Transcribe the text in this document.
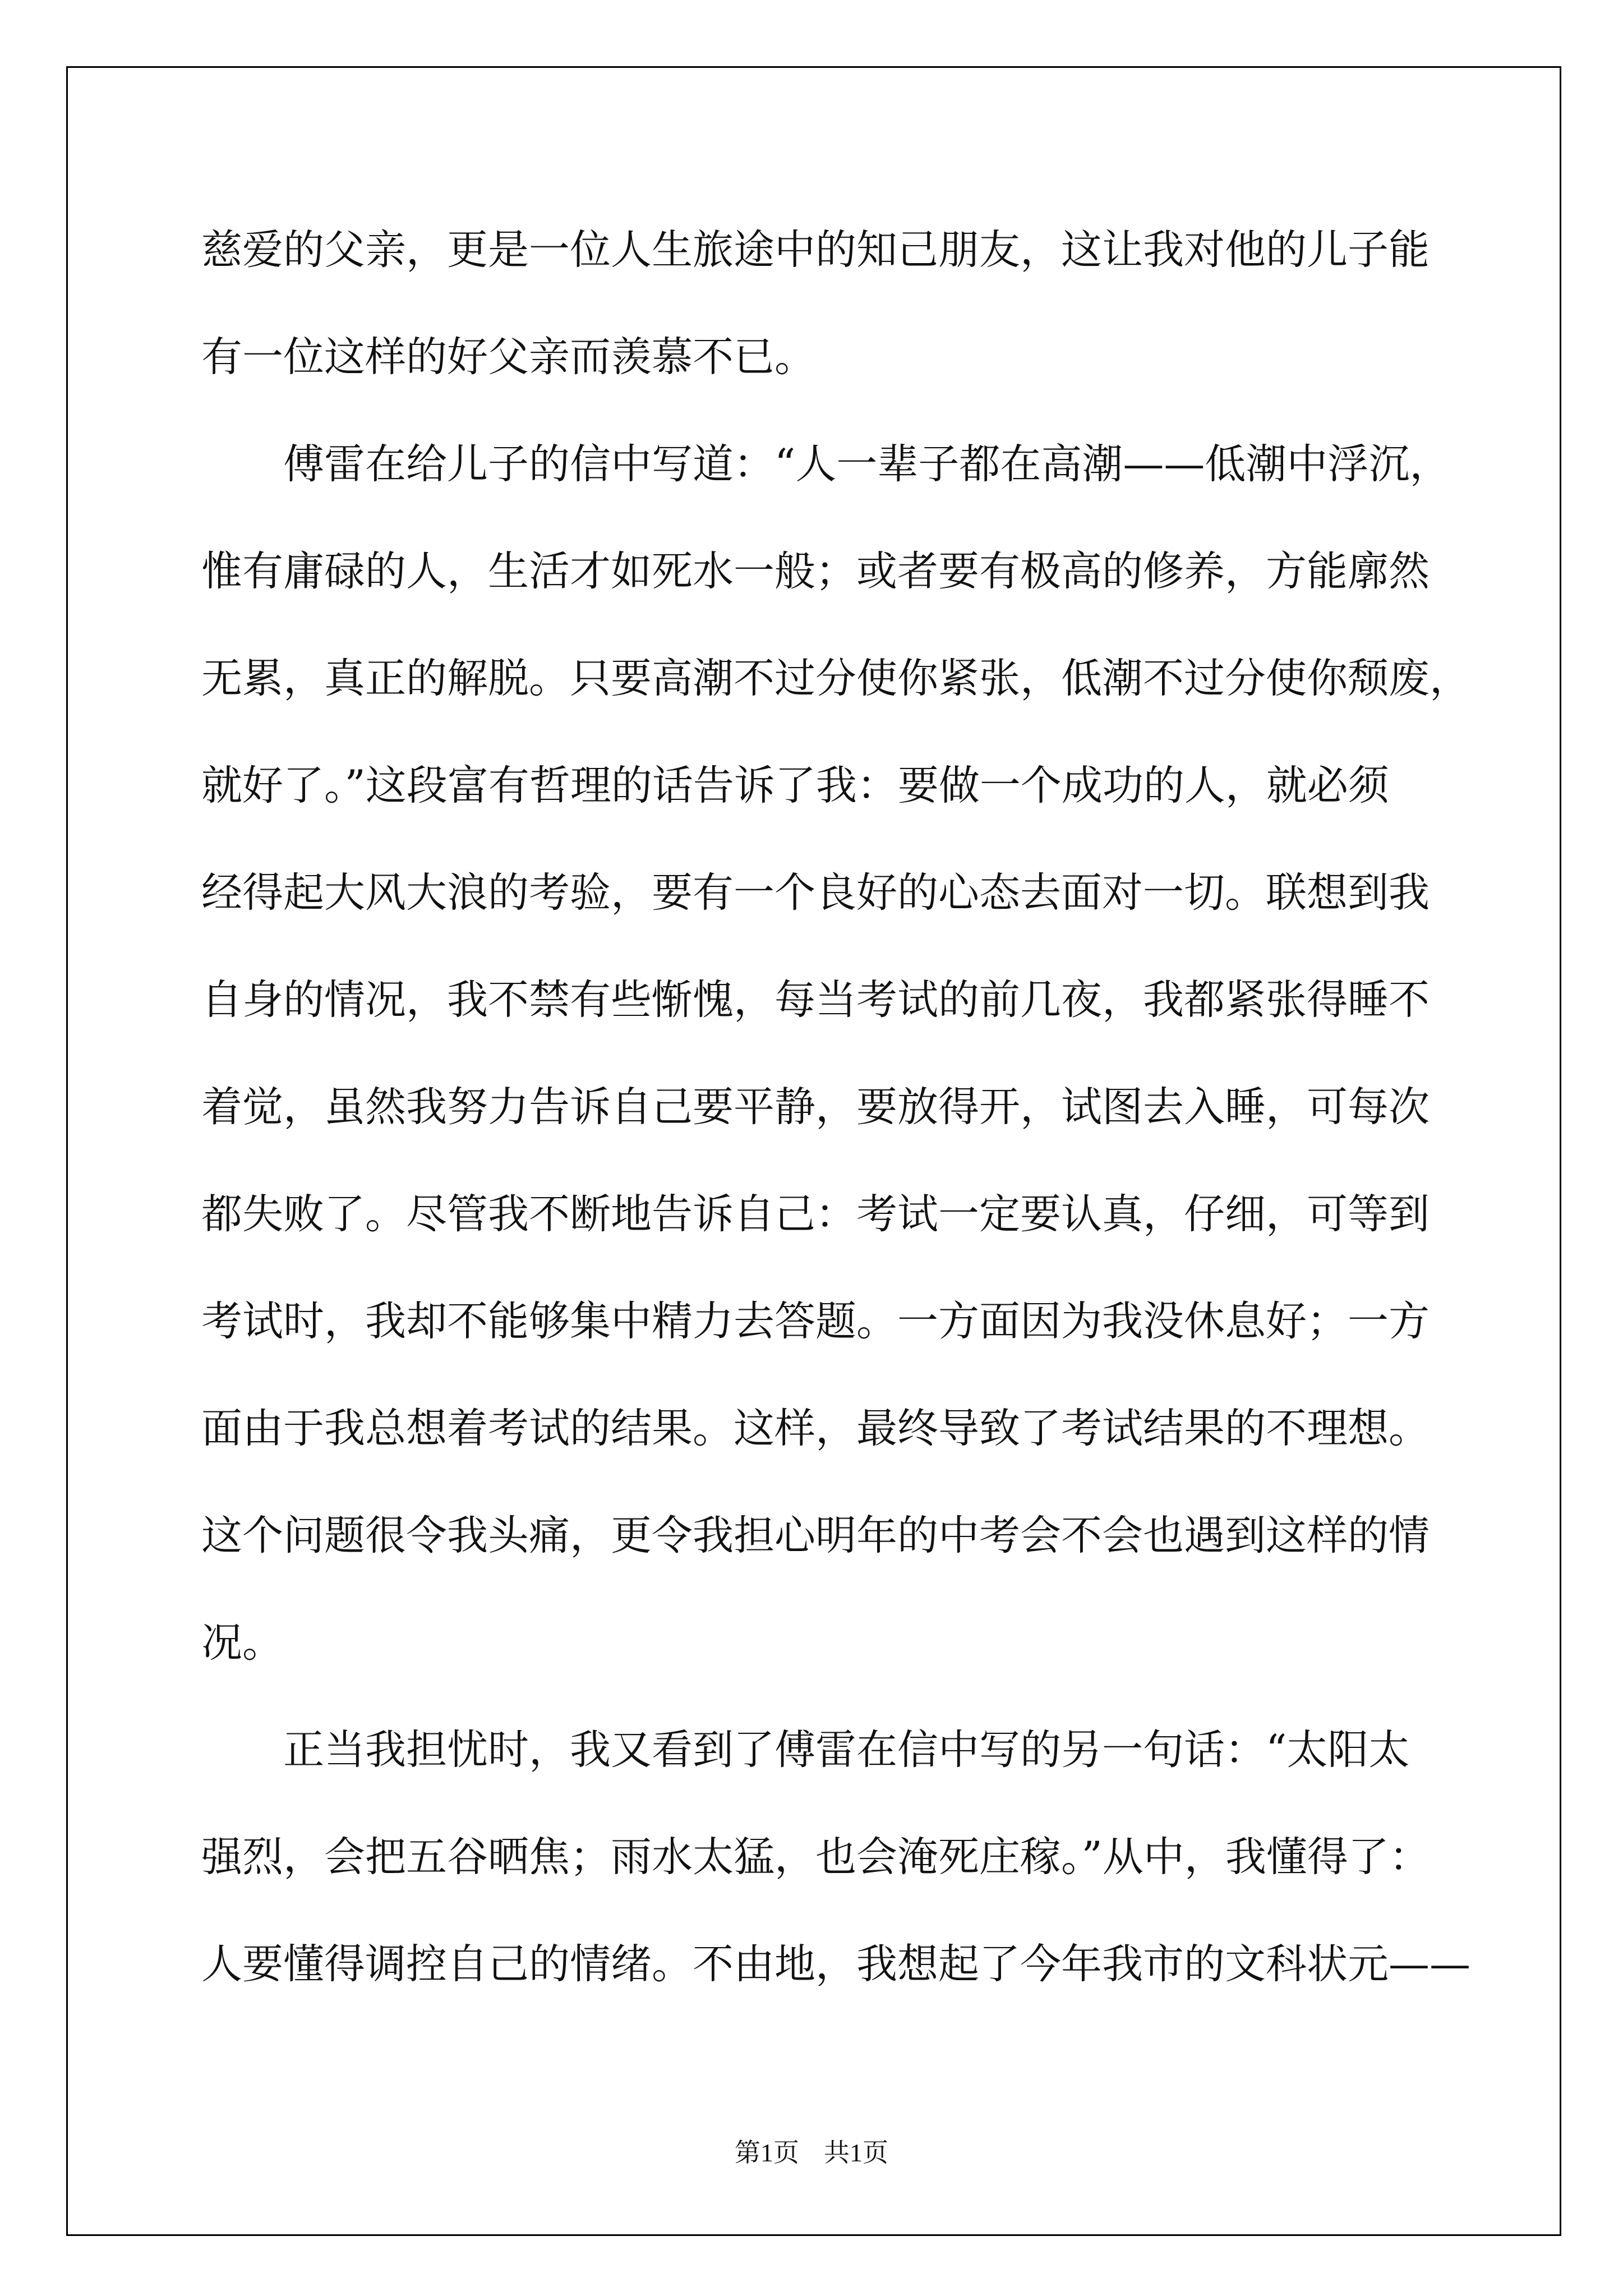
慈爱的父亲，更是一位人生旅途中的知己朋友，这让我对他的儿子能
有一位这样的好父亲而羡慕不已。
傅雷在给儿子的信中写道：“人一辈子都在高潮——低潮中浮沉，
惟有庸碌的人，生活才如死水一般；或者要有极高的修养，方能廓然
无累，真正的解脱。只要高潮不过分使你紧张，低潮不过分使你颓废，
就好了。”这段富有哲理的话告诉了我：要做一个成功的人，就必须
经得起大风大浪的考验，要有一个良好的心态去面对一切。联想到我
自身的情况，我不禁有些惭愧，每当考试的前几夜，我都紧张得睡不
着觉，虽然我努力告诉自己要平静，要放得开，试图去入睡，可每次
都失败了。尽管我不断地告诉自己：考试一定要认真，仔细，可等到
考试时，我却不能够集中精力去答题。一方面因为我没休息好；一方
面由于我总想着考试的结果。这样，最终导致了考试结果的不理想。
这个问题很令我头痛，更令我担心明年的中考会不会也遇到这样的情
况。
正当我担忧时，我又看到了傅雷在信中写的另一句话：“太阳太
强烈，会把五谷晒焦；雨水太猛，也会淹死庄稼。”从中，我懂得了：
人要懂得调控自己的情绪。不由地，我想起了今年我市的文科状元——
第1页 共1页
